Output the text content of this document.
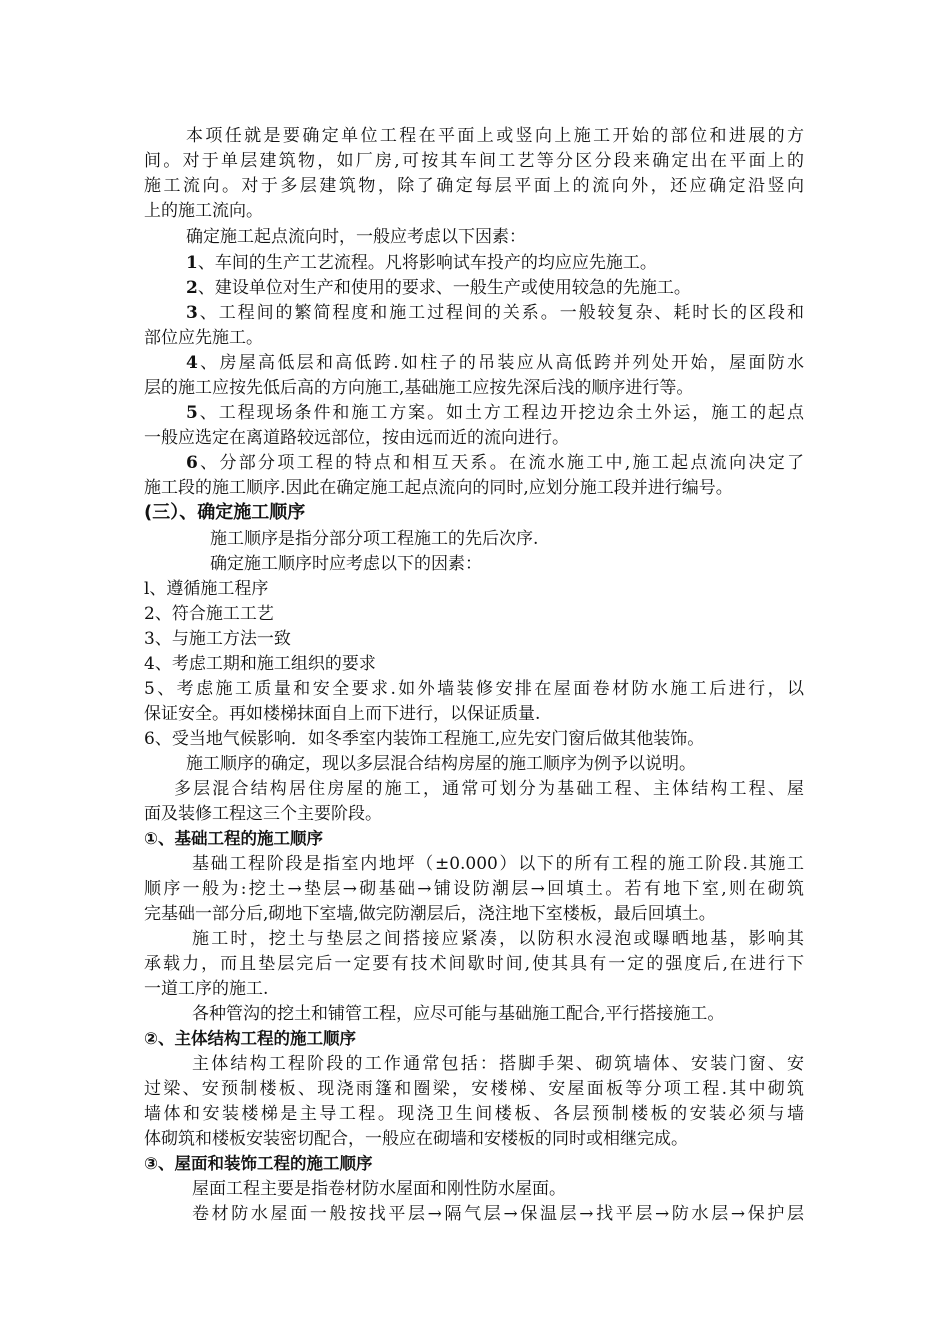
本项任就是要确定单位工程在平面上或竖向上施工开始的部位和进展的方
间。对于单层建筑物，如厂房,可按其车间工艺等分区分段来确定出在平面上的
施工流向。对于多层建筑物，除了确定每层平面上的流向外，还应确定沿竖向
上的施工流向。
确定施工起点流向时，一般应考虑以下因素：
1、车间的生产工艺流程。凡将影响试车投产的均应应先施工。
2、建设单位对生产和使用的要求、一般生产或使用较急的先施工。
3、工程间的繁简程度和施工过程间的关系。一般较复杂、耗时长的区段和
部位应先施工。
4、房屋高低层和高低跨.如柱子的吊装应从高低跨并列处开始，屋面防水
层的施工应按先低后高的方向施工,基础施工应按先深后浅的顺序进行等。
5、工程现场条件和施工方案。如土方工程边开挖边余土外运，施工的起点
一般应选定在离道路较远部位，按由远而近的流向进行。
6、分部分项工程的特点和相互天系。在流水施工中,施工起点流向决定了
施工段的施工顺序.因此在确定施工起点流向的同时,应划分施工段并进行编号。
(三）、确定施工顺序
施工顺序是指分部分项工程施工的先后次序.
确定施工顺序时应考虑以下的因素：
l、遵循施工程序
2、符合施工工艺
3、与施工方法一致
4、考虑工期和施工组织的要求
5、考虑施工质量和安全要求.如外墙装修安排在屋面卷材防水施工后进行，以
保证安全。再如楼梯抹面自上而下进行，以保证质量.
6、受当地气候影响．如冬季室内装饰工程施工,应先安门窗后做其他装饰。
施工顺序的确定，现以多层混合结构房屋的施工顺序为例予以说明。
多层混合结构居住房屋的施工，通常可划分为基础工程、主体结构工程、屋
面及装修工程这三个主要阶段。
①、基础工程的施工顺序
基础工程阶段是指室内地坪（±0.000）以下的所有工程的施工阶段.其施工
顺序一般为:挖土→垫层→砌基础→铺设防潮层→回填土。若有地下室,则在砌筑
完基础一部分后,砌地下室墙,做完防潮层后，浇注地下室楼板，最后回填土。
施工时，挖土与垫层之间搭接应紧凑，以防积水浸泡或曝晒地基，影响其
承载力，而且垫层完后一定要有技术间歇时间,使其具有一定的强度后,在进行下
一道工序的施工.
各种管沟的挖土和铺管工程，应尽可能与基础施工配合,平行搭接施工。
②、主体结构工程的施工顺序
主体结构工程阶段的工作通常包括：搭脚手架、砌筑墙体、安装门窗、安
过梁、安预制楼板、现浇雨篷和圈梁，安楼梯、安屋面板等分项工程.其中砌筑
墙体和安装楼梯是主导工程。现浇卫生间楼板、各层预制楼板的安装必须与墙
体砌筑和楼板安装密切配合，一般应在砌墙和安楼板的同时或相继完成。
③、屋面和装饰工程的施工顺序
屋面工程主要是指卷材防水屋面和刚性防水屋面。
卷材防水屋面一般按找平层→隔气层→保温层→找平层→防水层→保护层
